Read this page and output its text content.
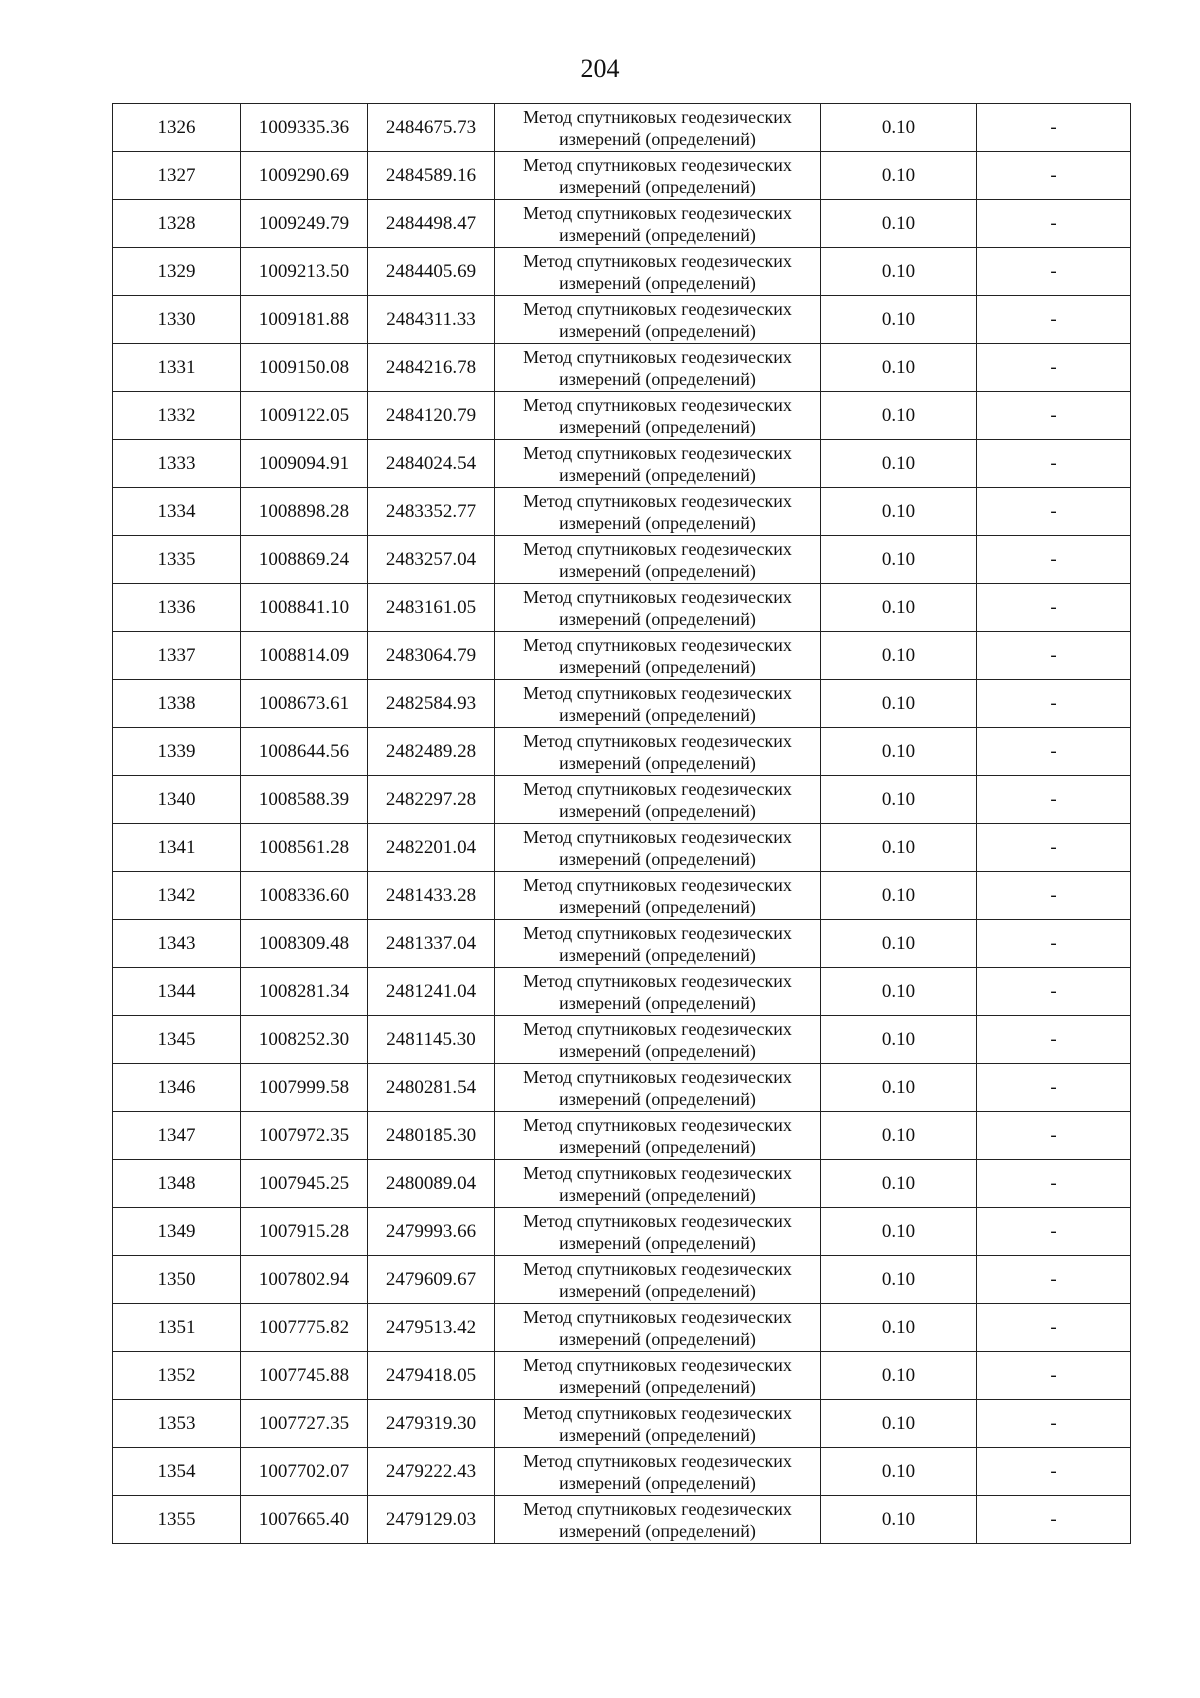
204
1326	1009335.36	2484675.73	Метод спутниковых геодезических
измерений (определений)	0.10	-
1327	1009290.69	2484589.16	Метод спутниковых геодезических
измерений (определений)	0.10	-
1328	1009249.79	2484498.47	Метод спутниковых геодезических
измерений (определений)	0.10	-
1329	1009213.50	2484405.69	Метод спутниковых геодезических
измерений (определений)	0.10	-
1330	1009181.88	2484311.33	Метод спутниковых геодезических
измерений (определений)	0.10	-
1331	1009150.08	2484216.78	Метод спутниковых геодезических
измерений (определений)	0.10	-
1332	1009122.05	2484120.79	Метод спутниковых геодезических
измерений (определений)	0.10	-
1333	1009094.91	2484024.54	Метод спутниковых геодезических
измерений (определений)	0.10	-
1334	1008898.28	2483352.77	Метод спутниковых геодезических
измерений (определений)	0.10	-
1335	1008869.24	2483257.04	Метод спутниковых геодезических
измерений (определений)	0.10	-
1336	1008841.10	2483161.05	Метод спутниковых геодезических
измерений (определений)	0.10	-
1337	1008814.09	2483064.79	Метод спутниковых геодезических
измерений (определений)	0.10	-
1338	1008673.61	2482584.93	Метод спутниковых геодезических
измерений (определений)	0.10	-
1339	1008644.56	2482489.28	Метод спутниковых геодезических
измерений (определений)	0.10	-
1340	1008588.39	2482297.28	Метод спутниковых геодезических
измерений (определений)	0.10	-
1341	1008561.28	2482201.04	Метод спутниковых геодезических
измерений (определений)	0.10	-
1342	1008336.60	2481433.28	Метод спутниковых геодезических
измерений (определений)	0.10	-
1343	1008309.48	2481337.04	Метод спутниковых геодезических
измерений (определений)	0.10	-
1344	1008281.34	2481241.04	Метод спутниковых геодезических
измерений (определений)	0.10	-
1345	1008252.30	2481145.30	Метод спутниковых геодезических
измерений (определений)	0.10	-
1346	1007999.58	2480281.54	Метод спутниковых геодезических
измерений (определений)	0.10	-
1347	1007972.35	2480185.30	Метод спутниковых геодезических
измерений (определений)	0.10	-
1348	1007945.25	2480089.04	Метод спутниковых геодезических
измерений (определений)	0.10	-
1349	1007915.28	2479993.66	Метод спутниковых геодезических
измерений (определений)	0.10	-
1350	1007802.94	2479609.67	Метод спутниковых геодезических
измерений (определений)	0.10	-
1351	1007775.82	2479513.42	Метод спутниковых геодезических
измерений (определений)	0.10	-
1352	1007745.88	2479418.05	Метод спутниковых геодезических
измерений (определений)	0.10	-
1353	1007727.35	2479319.30	Метод спутниковых геодезических
измерений (определений)	0.10	-
1354	1007702.07	2479222.43	Метод спутниковых геодезических
измерений (определений)	0.10	-
1355	1007665.40	2479129.03	Метод спутниковых геодезических
измерений (определений)	0.10	-
